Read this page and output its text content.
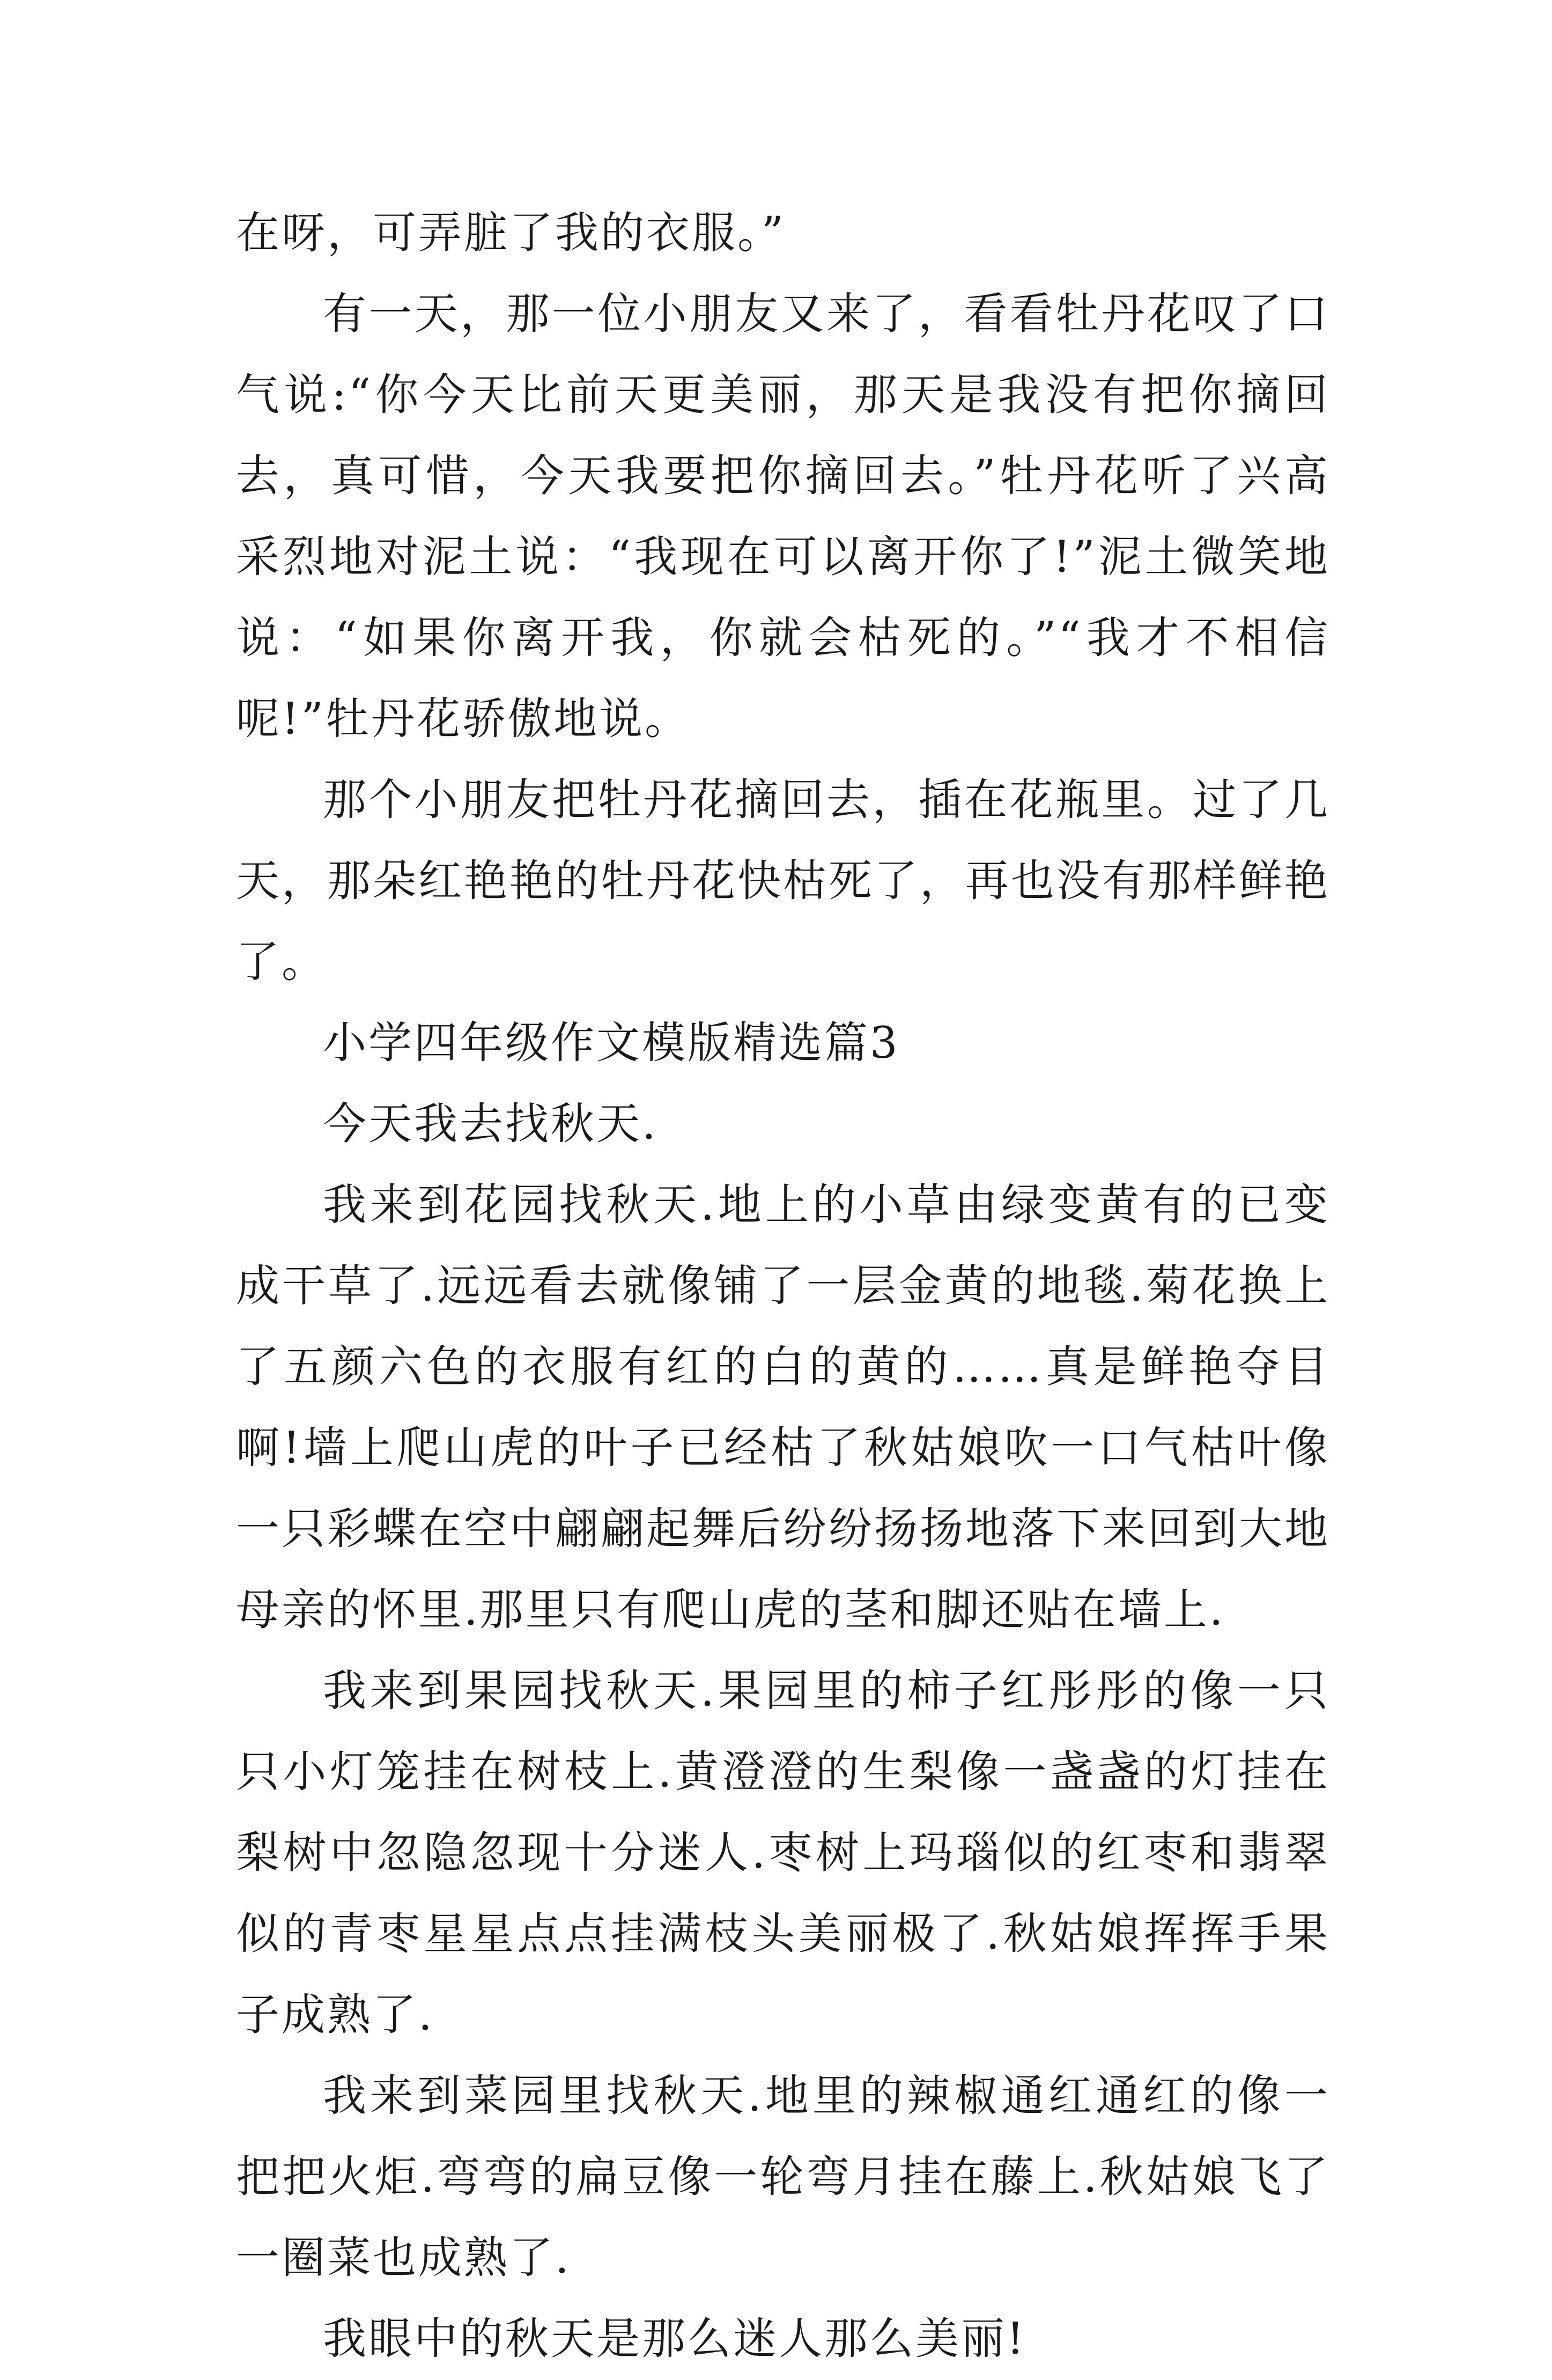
在呀，可弄脏了我的衣服。”

有一天，那一位小朋友又来了，看看牡丹花叹了口气说:“你今天比前天更美丽，那天是我没有把你摘回去，真可惜，今天我要把你摘回去。”牡丹花听了兴高采烈地对泥土说：“我现在可以离开你了!”泥土微笑地说：“如果你离开我，你就会枯死的。”“我才不相信呢!”牡丹花骄傲地说。

那个小朋友把牡丹花摘回去，插在花瓶里。过了几天，那朵红艳艳的牡丹花快枯死了，再也没有那样鲜艳了。

小学四年级作文模版精选篇3

今天我去找秋天.

我来到花园找秋天.地上的小草由绿变黄有的已变成干草了.远远看去就像铺了一层金黄的地毯.菊花换上了五颜六色的衣服有红的白的黄的……真是鲜艳夺目啊!墙上爬山虎的叶子已经枯了秋姑娘吹一口气枯叶像一只彩蝶在空中翩翩起舞后纷纷扬扬地落下来回到大地母亲的怀里.那里只有爬山虎的茎和脚还贴在墙上.

我来到果园找秋天.果园里的柿子红彤彤的像一只只小灯笼挂在树枝上.黄澄澄的生梨像一盏盏的灯挂在梨树中忽隐忽现十分迷人.枣树上玛瑙似的红枣和翡翠似的青枣星星点点挂满枝头美丽极了.秋姑娘挥挥手果子成熟了.

我来到菜园里找秋天.地里的辣椒通红通红的像一把把火炬.弯弯的扁豆像一轮弯月挂在藤上.秋姑娘飞了一圈菜也成熟了.

我眼中的秋天是那么迷人那么美丽!
